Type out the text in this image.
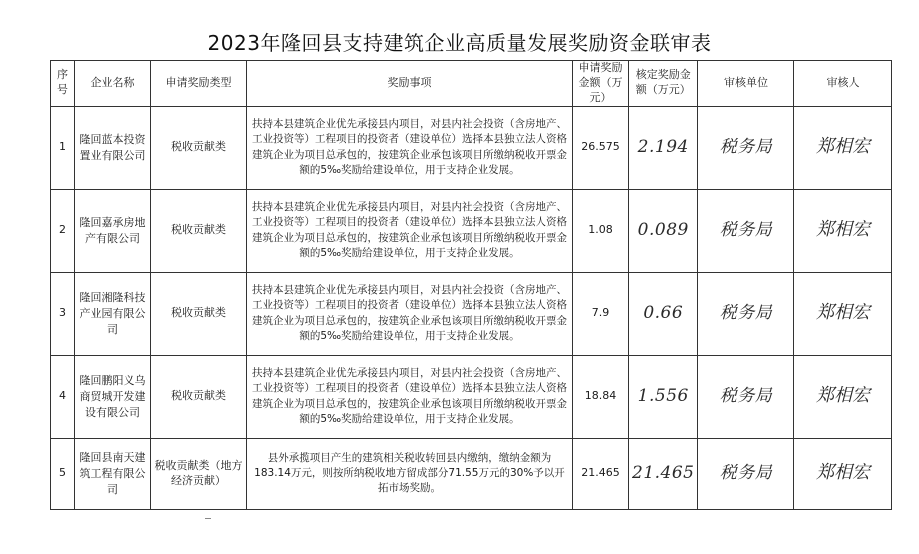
2023年隆回县支持建筑企业高质量发展奖励资金联审表
序号	企业名称	申请奖励类型	奖励事项	申请奖励金额（万元）	核定奖励金额（万元）	审核单位	审核人
1	隆回蓝本投资置业有限公司	税收贡献类	扶持本县建筑企业优先承接县内项目，对县内社会投资（含房地产、工业投资等）工程项目的投资者（建设单位）选择本县独立法人资格建筑企业为项目总承包的，按建筑企业承包该项目所缴纳税收开票金额的5‰奖励给建设单位，用于支持企业发展。	26.575	2.194	税务局	郑相宏
2	隆回嘉承房地产有限公司	税收贡献类	扶持本县建筑企业优先承接县内项目，对县内社会投资（含房地产、工业投资等）工程项目的投资者（建设单位）选择本县独立法人资格建筑企业为项目总承包的，按建筑企业承包该项目所缴纳税收开票金额的5‰奖励给建设单位，用于支持企业发展。	1.08	0.089	税务局	郑相宏
3	隆回湘隆科技产业园有限公司	税收贡献类	扶持本县建筑企业优先承接县内项目，对县内社会投资（含房地产、工业投资等）工程项目的投资者（建设单位）选择本县独立法人资格建筑企业为项目总承包的，按建筑企业承包该项目所缴纳税收开票金额的5‰奖励给建设单位，用于支持企业发展。	7.9	0.66	税务局	郑相宏
4	隆回鹏阳义乌商贸城开发建设有限公司	税收贡献类	扶持本县建筑企业优先承接县内项目，对县内社会投资（含房地产、工业投资等）工程项目的投资者（建设单位）选择本县独立法人资格建筑企业为项目总承包的，按建筑企业承包该项目所缴纳税收开票金额的5‰奖励给建设单位，用于支持企业发展。	18.84	1.556	税务局	郑相宏
5	隆回县南天建筑工程有限公司	税收贡献类（地方经济贡献）	县外承揽项目产生的建筑相关税收转回县内缴纳，缴纳金额为183.14万元，则按所纳税收地方留成部分71.55万元的30%予以开拓市场奖励。	21.465	21.465	税务局	郑相宏
